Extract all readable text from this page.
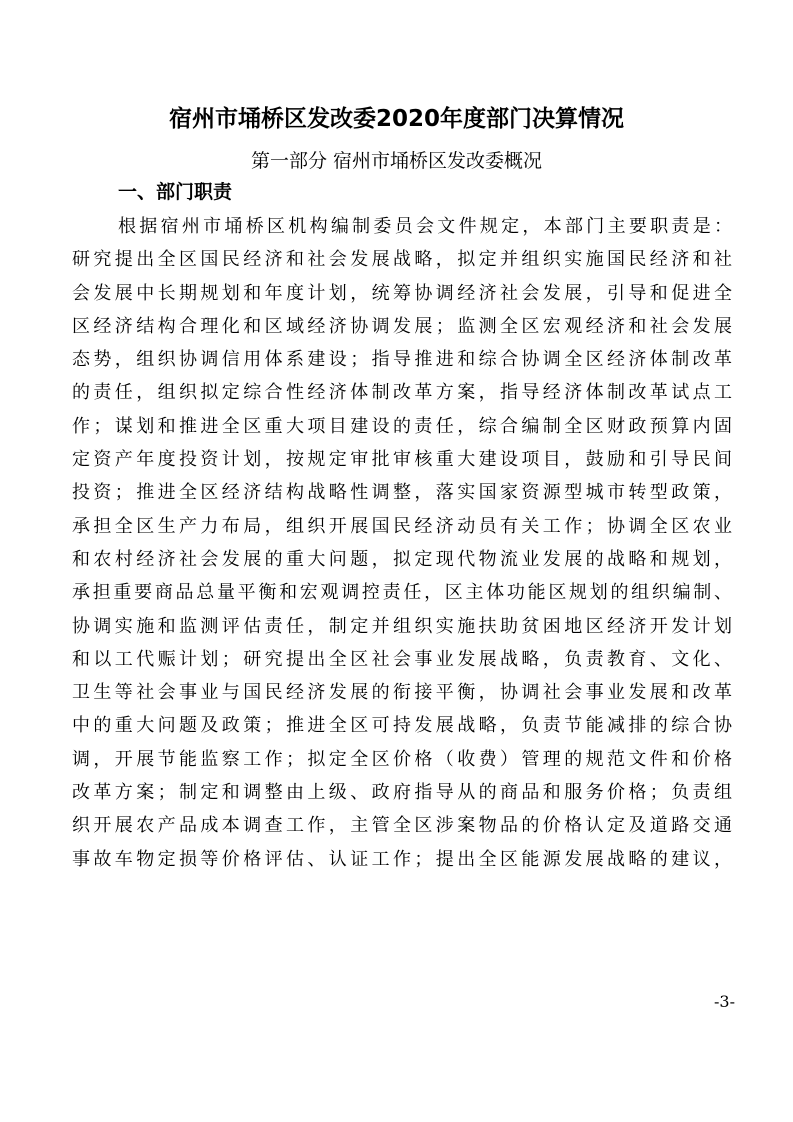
宿州市埇桥区发改委2020年度部门决算情况
第一部分 宿州市埇桥区发改委概况
一、部门职责
根据宿州市埇桥区机构编制委员会文件规定，本部门主要职责是：
研究提出全区国民经济和社会发展战略，拟定并组织实施国民经济和社
会发展中长期规划和年度计划，统筹协调经济社会发展，引导和促进全
区经济结构合理化和区域经济协调发展；监测全区宏观经济和社会发展
态势，组织协调信用体系建设；指导推进和综合协调全区经济体制改革
的责任，组织拟定综合性经济体制改革方案，指导经济体制改革试点工
作；谋划和推进全区重大项目建设的责任，综合编制全区财政预算内固
定资产年度投资计划，按规定审批审核重大建设项目，鼓励和引导民间
投资；推进全区经济结构战略性调整，落实国家资源型城市转型政策，
承担全区生产力布局，组织开展国民经济动员有关工作；协调全区农业
和农村经济社会发展的重大问题，拟定现代物流业发展的战略和规划，
承担重要商品总量平衡和宏观调控责任，区主体功能区规划的组织编制、
协调实施和监测评估责任，制定并组织实施扶助贫困地区经济开发计划
和以工代赈计划；研究提出全区社会事业发展战略，负责教育、文化、
卫生等社会事业与国民经济发展的衔接平衡，协调社会事业发展和改革
中的重大问题及政策；推进全区可持发展战略，负责节能减排的综合协
调，开展节能监察工作；拟定全区价格（收费）管理的规范文件和价格
改革方案；制定和调整由上级、政府指导从的商品和服务价格；负责组
织开展农产品成本调查工作，主管全区涉案物品的价格认定及道路交通
事故车物定损等价格评估、认证工作；提出全区能源发展战略的建议，
-3-
